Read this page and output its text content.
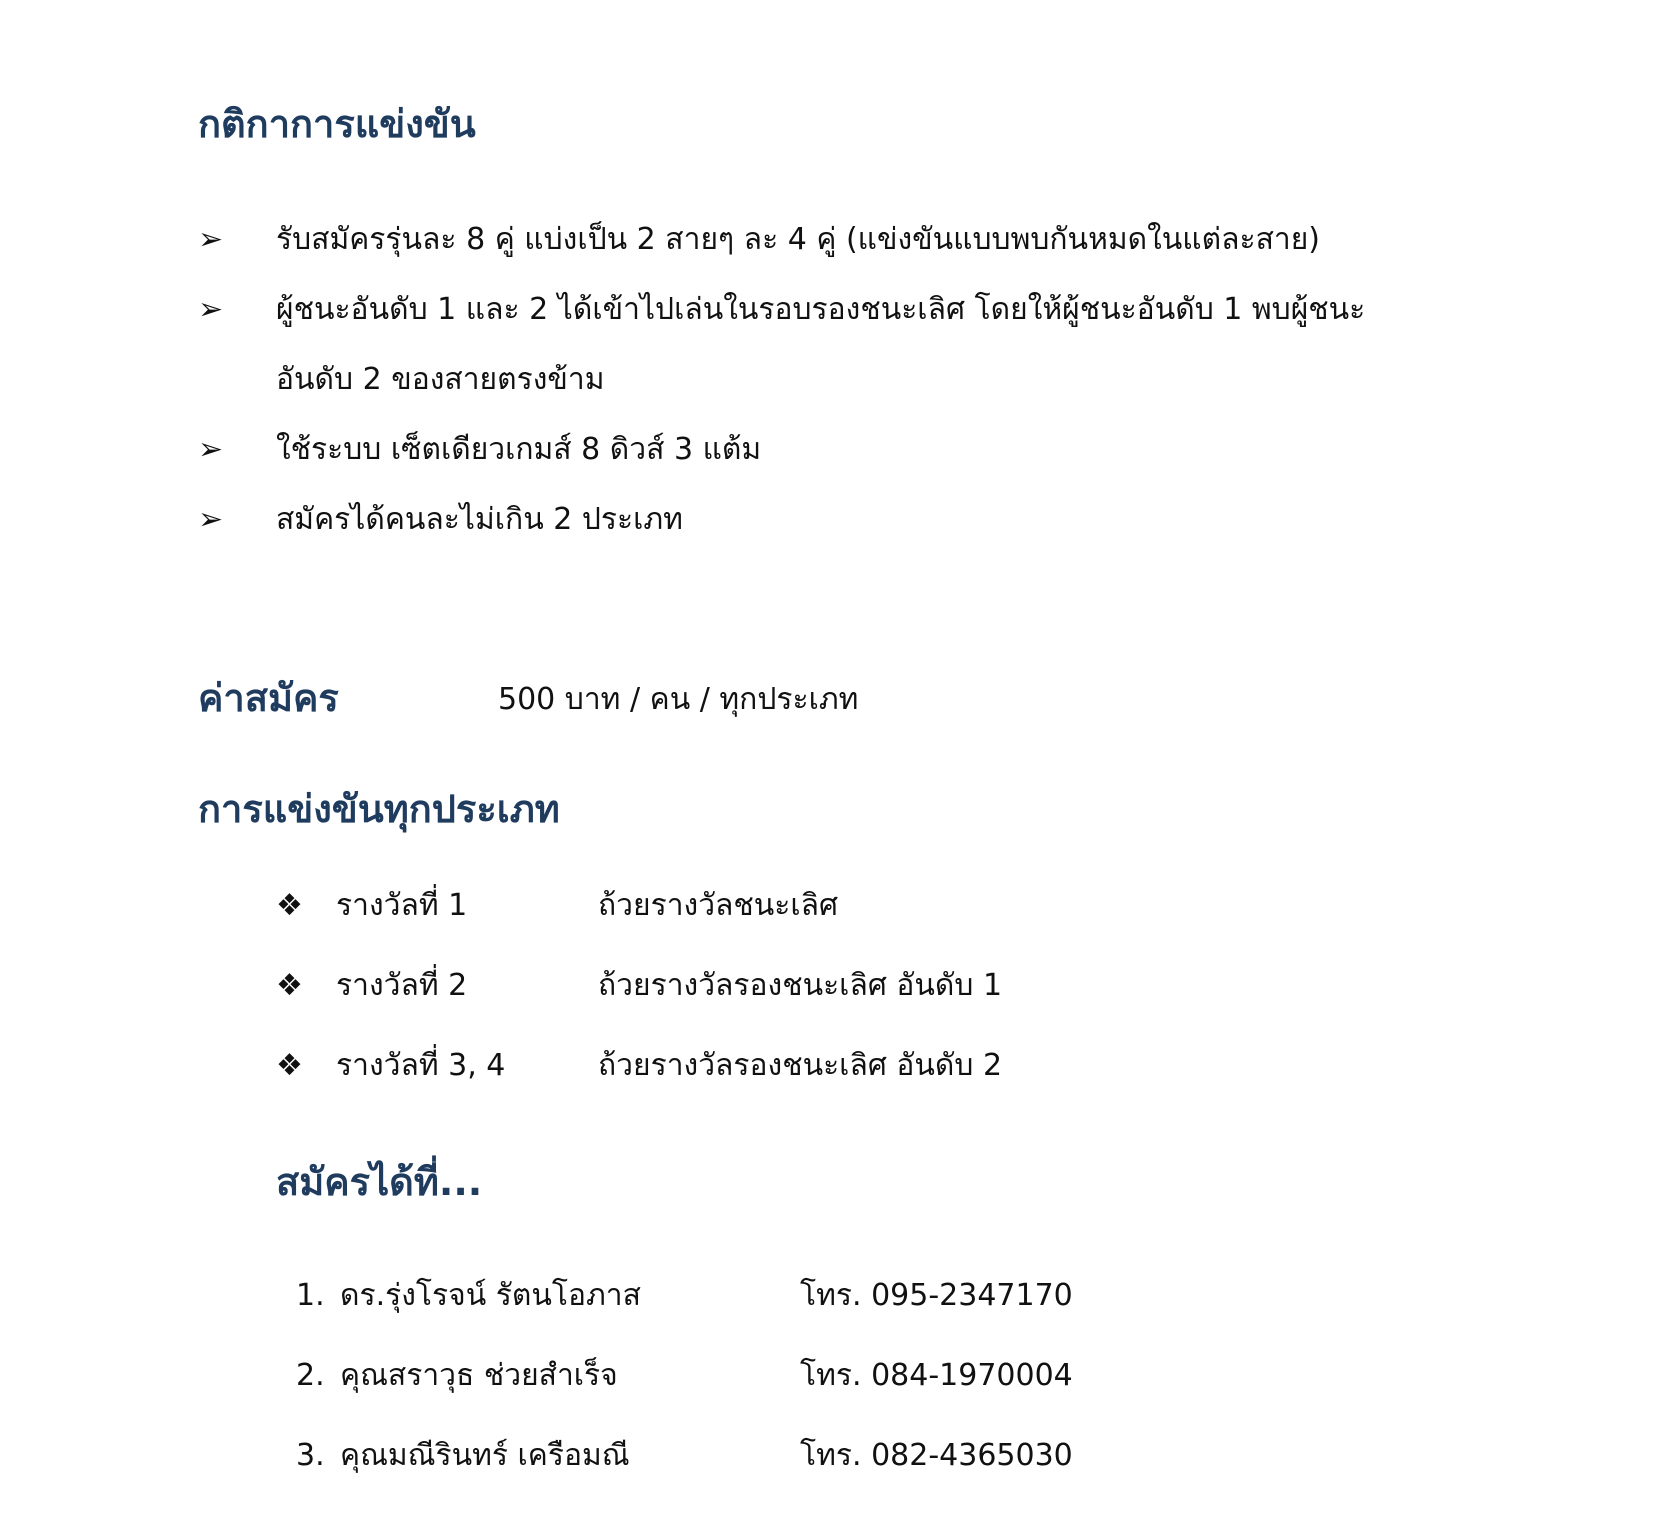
กติกาการแข่งขัน
➢	รับสมัครรุ่นละ 8 คู่ แบ่งเป็น 2 สายๆ ละ 4 คู่ (แข่งขันแบบพบกันหมดในแต่ละสาย)
➢	ผู้ชนะอันดับ 1 และ 2 ได้เข้าไปเล่นในรอบรองชนะเลิศ โดยให้ผู้ชนะอันดับ 1 พบผู้ชนะ
อันดับ 2 ของสายตรงข้าม
➢	ใช้ระบบ เซ็ตเดียวเกมส์ 8 ดิวส์ 3 แต้ม
➢	สมัครได้คนละไม่เกิน 2 ประเภท
ค่าสมัคร	500 บาท / คน / ทุกประเภท
การแข่งขันทุกประเภท
❖ รางวัลที่ 1	ถ้วยรางวัลชนะเลิศ
❖ รางวัลที่ 2	ถ้วยรางวัลรองชนะเลิศ อันดับ 1
❖ รางวัลที่ 3, 4	ถ้วยรางวัลรองชนะเลิศ อันดับ 2
สมัครได้ที่...
1. ดร.รุ่งโรจน์ รัตนโอภาส	โทร. 095-2347170
2. คุณสราวุธ ช่วยสำเร็จ	โทร. 084-1970004
3. คุณมณีรินทร์ เครือมณี	โทร. 082-4365030
